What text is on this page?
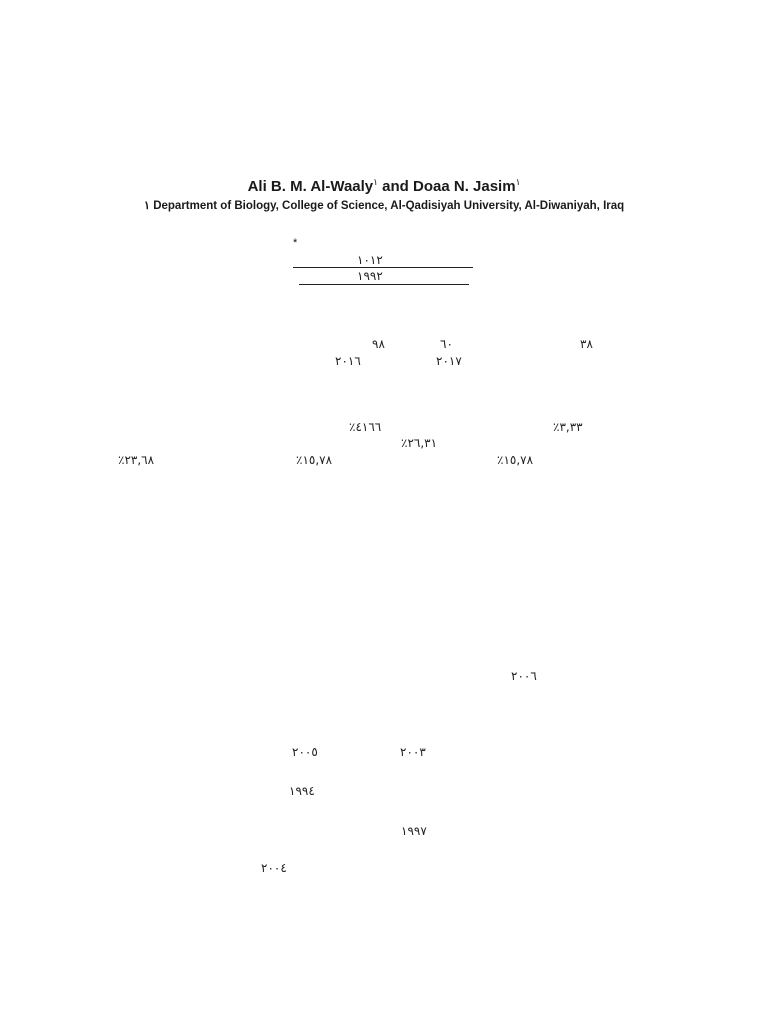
Ali B. M. Al-Waaly$^١$ and Doaa N. Jasim$^١$
١ Department of Biology, College of Science, Al-Qadisiyah University, Al-Diwaniyah, Iraq
*
١٠١٢
١٩٩٢
٩٨	٦٠	٣٨
٢٠١٦	٢٠١٧
٤١٦٦٪	٣,٣٣٪
٢٦,٣١٪
٢٣,٦٨٪	١٥,٧٨٪	١٥,٧٨٪
٢٠٠٦
٢٠٠٥	٢٠٠٣
١٩٩٤
١٩٩٧
٢٠٠٤
